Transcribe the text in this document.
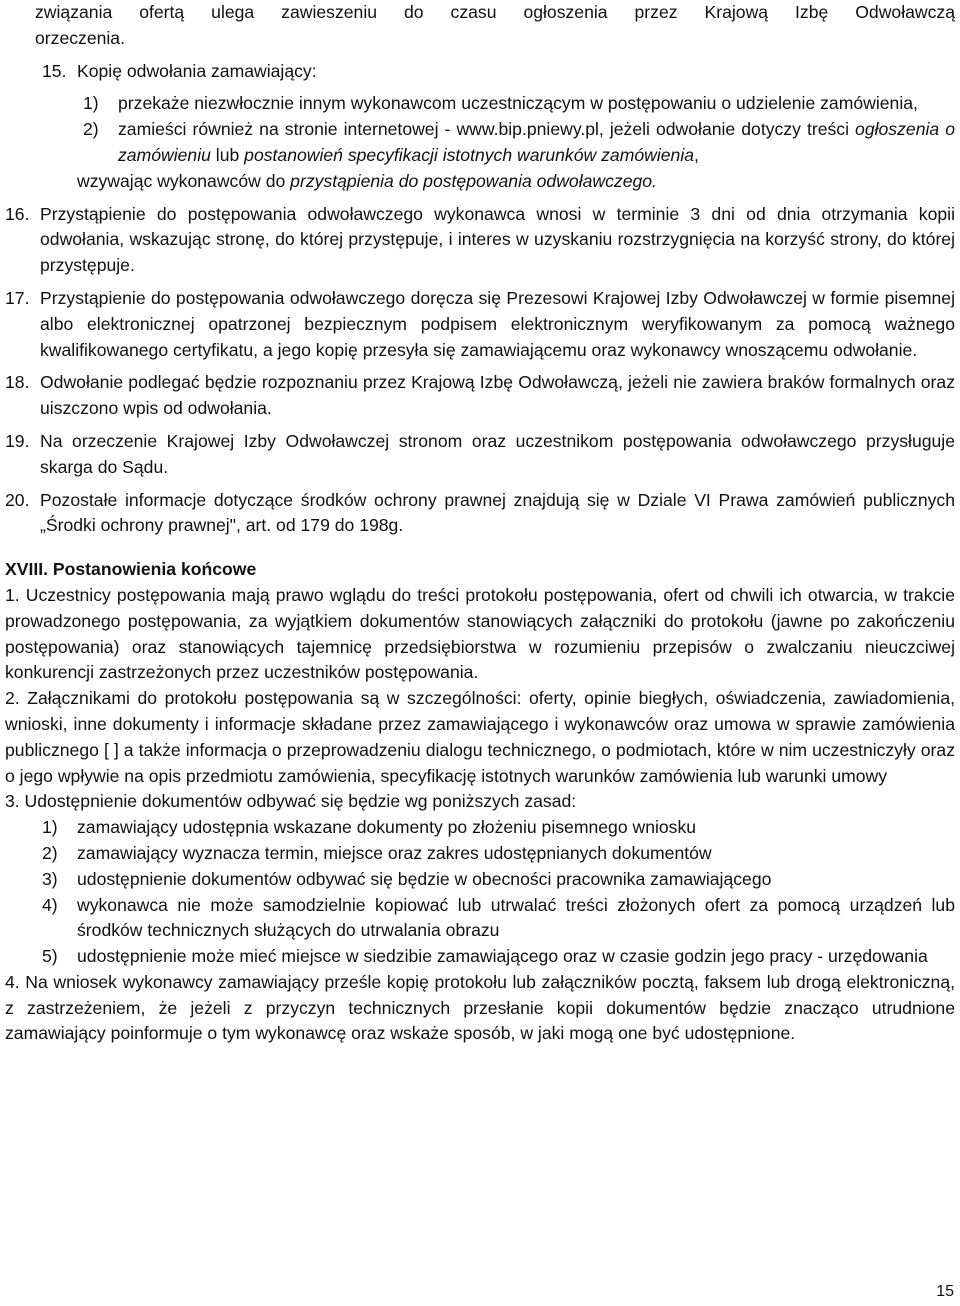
związania ofertą ulega zawieszeniu do czasu ogłoszenia przez Krajową Izbę Odwoławczą
orzeczenia.
15. Kopię odwołania zamawiający:
1) przekaże niezwłocznie innym wykonawcom uczestniczącym w postępowaniu o udzielenie zamówienia,
2) zamieści również na stronie internetowej - www.bip.pniewy.pl, jeżeli odwołanie dotyczy treści ogłoszenia o zamówieniu lub postanowień specyfikacji istotnych warunków zamówienia,
wzywając wykonawców do przystąpienia do postępowania odwoławczego.
16. Przystąpienie do postępowania odwoławczego wykonawca wnosi w terminie 3 dni od dnia otrzymania kopii odwołania, wskazując stronę, do której przystępuje, i interes w uzyskaniu rozstrzygnięcia na korzyść strony, do której przystępuje.
17. Przystąpienie do postępowania odwoławczego doręcza się Prezesowi Krajowej Izby Odwoławczej w formie pisemnej albo elektronicznej opatrzonej bezpiecznym podpisem elektronicznym weryfikowanym za pomocą ważnego kwalifikowanego certyfikatu, a jego kopię przesyła się zamawiającemu oraz wykonawcy wnoszącemu odwołanie.
18. Odwołanie podlegać będzie rozpoznaniu przez Krajową Izbę Odwoławczą, jeżeli nie zawiera braków formalnych oraz uiszczono wpis od odwołania.
19. Na orzeczenie Krajowej Izby Odwoławczej stronom oraz uczestnikom postępowania odwoławczego przysługuje skarga do Sądu.
20. Pozostałe informacje dotyczące środków ochrony prawnej znajdują się w Dziale VI Prawa zamówień publicznych „Środki ochrony prawnej", art. od 179 do 198g.
XVIII. Postanowienia końcowe
1. Uczestnicy postępowania mają prawo wglądu do treści protokołu postępowania, ofert od chwili ich otwarcia, w trakcie prowadzonego postępowania, za wyjątkiem dokumentów stanowiących załączniki do protokołu (jawne po zakończeniu postępowania) oraz stanowiących tajemnicę przedsiębiorstwa w rozumieniu przepisów o zwalczaniu nieuczciwej konkurencji zastrzeżonych przez uczestników postępowania.
2. Załącznikami do protokołu postępowania są w szczególności: oferty, opinie biegłych, oświadczenia, zawiadomienia, wnioski, inne dokumenty i informacje składane przez zamawiającego i wykonawców oraz umowa w sprawie zamówienia publicznego [ ] a także informacja o przeprowadzeniu dialogu technicznego, o podmiotach, które w nim uczestniczyły oraz o jego wpływie na opis przedmiotu zamówienia, specyfikację istotnych warunków zamówienia lub warunki umowy
3. Udostępnienie dokumentów odbywać się będzie wg poniższych zasad:
1) zamawiający udostępnia wskazane dokumenty po złożeniu pisemnego wniosku
2) zamawiający wyznacza termin, miejsce oraz zakres udostępnianych dokumentów
3) udostępnienie dokumentów odbywać się będzie w obecności pracownika zamawiającego
4) wykonawca nie może samodzielnie kopiować lub utrwalać treści złożonych ofert za pomocą urządzeń lub środków technicznych służących do utrwalania obrazu
5) udostępnienie może mieć miejsce w siedzibie zamawiającego oraz w czasie godzin jego pracy - urzędowania
4. Na wniosek wykonawcy zamawiający prześle kopię protokołu lub załączników pocztą, faksem lub drogą elektroniczną, z zastrzeżeniem, że jeżeli z przyczyn technicznych przesłanie kopii dokumentów będzie znacząco utrudnione zamawiający poinformuje o tym wykonawcę oraz wskaże sposób, w jaki mogą one być udostępnione.
15
